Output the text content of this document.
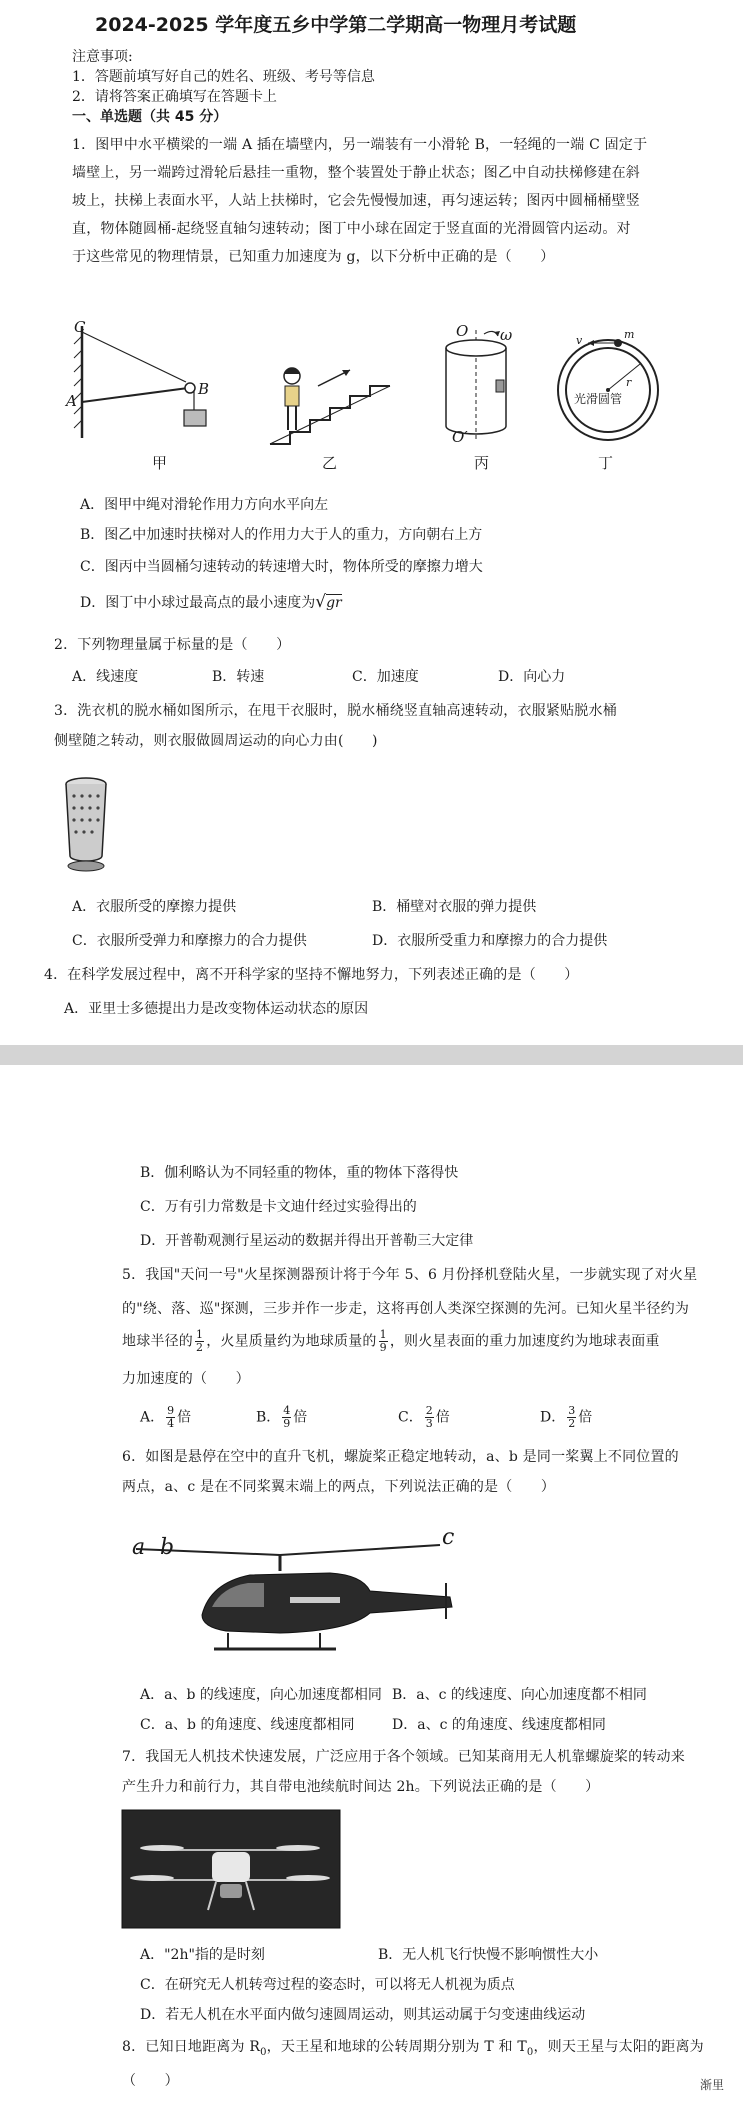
2024-2025 学年度五乡中学第二学期高一物理月考试题
注意事项:
1．答题前填写好自己的姓名、班级、考号等信息
2．请将答案正确填写在答题卡上
一、单选题（共 45 分）
1．图甲中水平横梁的一端 A 插在墙壁内，另一端装有一小滑轮 B，一轻绳的一端 C 固定于
墙壁上，另一端跨过滑轮后悬挂一重物，整个装置处于静止状态；图乙中自动扶梯修建在斜
坡上，扶梯上表面水平，人站上扶梯时，它会先慢慢加速，再匀速运转；图丙中圆桶桶壁竖
直，物体随圆桶-起绕竖直轴匀速转动；图丁中小球在固定于竖直面的光滑圆管内运动。对
于这些常见的物理情景，已知重力加速度为 g，以下分析中正确的是（　　）
C
A
B
甲	乙
O ω
O′
丙
v	m
r
光滑圆管
丁
A．图甲中绳对滑轮作用力方向水平向左
B．图乙中加速时扶梯对人的作用力大于人的重力，方向朝右上方
C．图丙中当圆桶匀速转动的转速增大时，物体所受的摩擦力增大
D．图丁中小球过最高点的最小速度为√gr
2．下列物理量属于标量的是（　　）
A．线速度	B．转速	C．加速度	D．向心力
3．洗衣机的脱水桶如图所示，在甩干衣服时，脱水桶绕竖直轴高速转动，衣服紧贴脱水桶
侧壁随之转动，则衣服做圆周运动的向心力由(　　)
A．衣服所受的摩擦力提供	B．桶壁对衣服的弹力提供
C．衣服所受弹力和摩擦力的合力提供	D．衣服所受重力和摩擦力的合力提供
4．在科学发展过程中，离不开科学家的坚持不懈地努力，下列表述正确的是（　　）
A．亚里士多德提出力是改变物体运动状态的原因
B．伽利略认为不同轻重的物体，重的物体下落得快
C．万有引力常数是卡文迪什经过实验得出的
D．开普勒观测行星运动的数据并得出开普勒三大定律
5．我国"天问一号"火星探测器预计将于今年 5、6 月份择机登陆火星，一步就实现了对火星
的"绕、落、巡"探测，三步并作一步走，这将再创人类深空探测的先河。已知火星半径约为
地球半径的 $\frac{1}{2}$ ，火星质量约为地球质量的 $\frac{1}{9}$ ，则火星表面的重力加速度约为地球表面重
力加速度的（　　）
A． $\frac{9}{4}$ 倍	B． $\frac{4}{9}$ 倍	C． $\frac{2}{3}$ 倍	D． $\frac{3}{2}$ 倍
6．如图是悬停在空中的直升飞机，螺旋桨正稳定地转动，a、b 是同一桨翼上不同位置的
两点，a、c 是在不同桨翼末端上的两点，下列说法正确的是（　　）
a b	c
A．a、b 的线速度，向心加速度都相同 B．a、c 的线速度、向心加速度都不相同
C．a、b 的角速度、线速度都相同	D．a、c 的角速度、线速度都相同
7．我国无人机技术快速发展，广泛应用于各个领域。已知某商用无人机靠螺旋桨的转动来
产生升力和前行力，其自带电池续航时间达 2h。下列说法正确的是（　　）
A．"2h"指的是时刻	B．无人机飞行快慢不影响惯性大小
C．在研究无人机转弯过程的姿态时，可以将无人机视为质点
D．若无人机在水平面内做匀速圆周运动，则其运动属于匀变速曲线运动
8．已知日地距离为 $R_0$，天王星和地球的公转周期分别为 T 和 $T_0$，则天王星与太阳的距离为
（　　）	渐里
